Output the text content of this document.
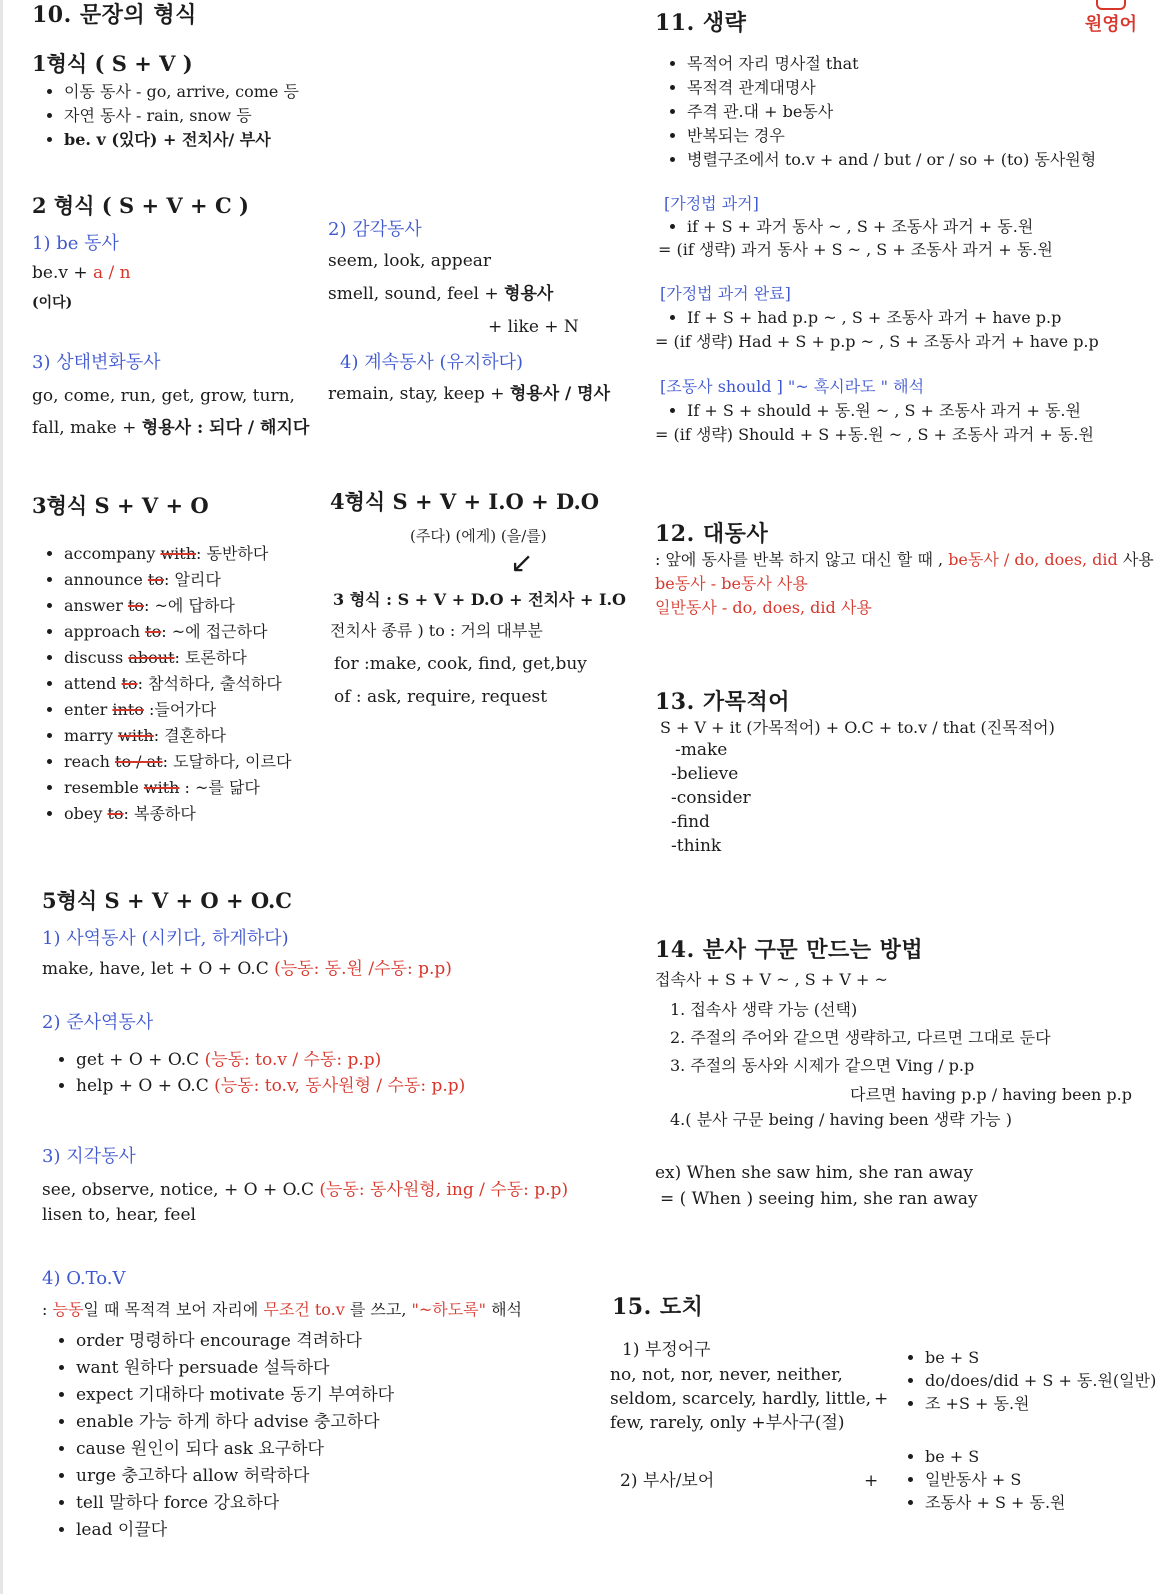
원영어
10. 문장의 형식
1형식 ( S + V )
• 이동 동사 - go, arrive, come 등
• 자연 동사 - rain, snow 등
• be. v (있다) + 전치사/ 부사
2 형식 ( S + V + C )
1) be 동사
be.v + a / n
(이다)
2) 감각동사
seem, look, appear
smell, sound, feel + 형용사
+ like + N
3) 상태변화동사
go, come, run, get, grow, turn,
fall, make + 형용사 : 되다 / 해지다
4) 계속동사 (유지하다)
remain, stay, keep + 형용사 / 명사
3형식 S + V + O
• accompany with: 동반하다
• announce to: 알리다
• answer to: ~에 답하다
• approach to: ~에 접근하다
• discuss about: 토론하다
• attend to: 참석하다, 출석하다
• enter into :들어가다
• marry with: 결혼하다
• reach to / at: 도달하다, 이르다
• resemble with : ~를 닮다
• obey to: 복종하다
4형식 S + V + I.O + D.O
(주다) (에게) (을/를)
↙
3 형식 : S + V + D.O + 전치사 + I.O
전치사 종류 ) to : 거의 대부분
for :make, cook, find, get,buy
of : ask, require, request
5형식 S + V + O + O.C
1) 사역동사 (시키다, 하게하다)
make, have, let + O + O.C (능동: 동.원 /수동: p.p)
2) 준사역동사
• get + O + O.C (능동: to.v / 수동: p.p)
• help + O + O.C (능동: to.v, 동사원형 / 수동: p.p)
3) 지각동사
see, observe, notice, + O + O.C (능동: 동사원형, ing / 수동: p.p)
lisen to, hear, feel
4) O.To.V
: 능동일 때 목적격 보어 자리에 무조건 to.v 를 쓰고, "~하도록" 해석
• order 명령하다 encourage 격려하다
• want 원하다 persuade 설득하다
• expect 기대하다 motivate 동기 부여하다
• enable 가능 하게 하다 advise 충고하다
• cause 원인이 되다 ask 요구하다
• urge 충고하다 allow 허락하다
• tell 말하다 force 강요하다
• lead 이끌다
11. 생략
• 목적어 자리 명사절 that
• 목적격 관계대명사
• 주격 관.대 + be동사
• 반복되는 경우
• 병렬구조에서 to.v + and / but / or / so + (to) 동사원형
[가정법 과거]
• if + S + 과거 동사 ~ , S + 조동사 과거 + 동.원
= (if 생략) 과거 동사 + S ~ , S + 조동사 과거 + 동.원
[가정법 과거 완료]
• If + S + had p.p ~ , S + 조동사 과거 + have p.p
= (if 생략) Had + S + p.p ~ , S + 조동사 과거 + have p.p
[조동사 should ] "~ 혹시라도 " 해석
• If + S + should + 동.원 ~ , S + 조동사 과거 + 동.원
= (if 생략) Should + S +동.원 ~ , S + 조동사 과거 + 동.원
12. 대동사
: 앞에 동사를 반복 하지 않고 대신 할 때 , be동사 / do, does, did 사용
be동사 - be동사 사용
일반동사 - do, does, did 사용
13. 가목적어
S + V + it (가목적어) + O.C + to.v / that (진목적어)
-make
-believe
-consider
-find
-think
14. 분사 구문 만드는 방법
접속사 + S + V ~ , S + V + ~
1. 접속사 생략 가능 (선택)
2. 주절의 주어와 같으면 생략하고, 다르면 그대로 둔다
3. 주절의 동사와 시제가 같으면 Ving / p.p
다르면 having p.p / having been p.p
4.( 분사 구문 being / having been 생략 가능 )
ex) When she saw him, she ran away
= ( When ) seeing him, she ran away
15. 도치
1) 부정어구
no, not, nor, never, neither,
seldom, scarcely, hardly, little,
few, rarely, only +부사구(절)
+
• be + S
• do/does/did + S + 동.원(일반)
• 조 +S + 동.원
2) 부사/보어	+
• be + S
• 일반동사 + S
• 조동사 + S + 동.원
